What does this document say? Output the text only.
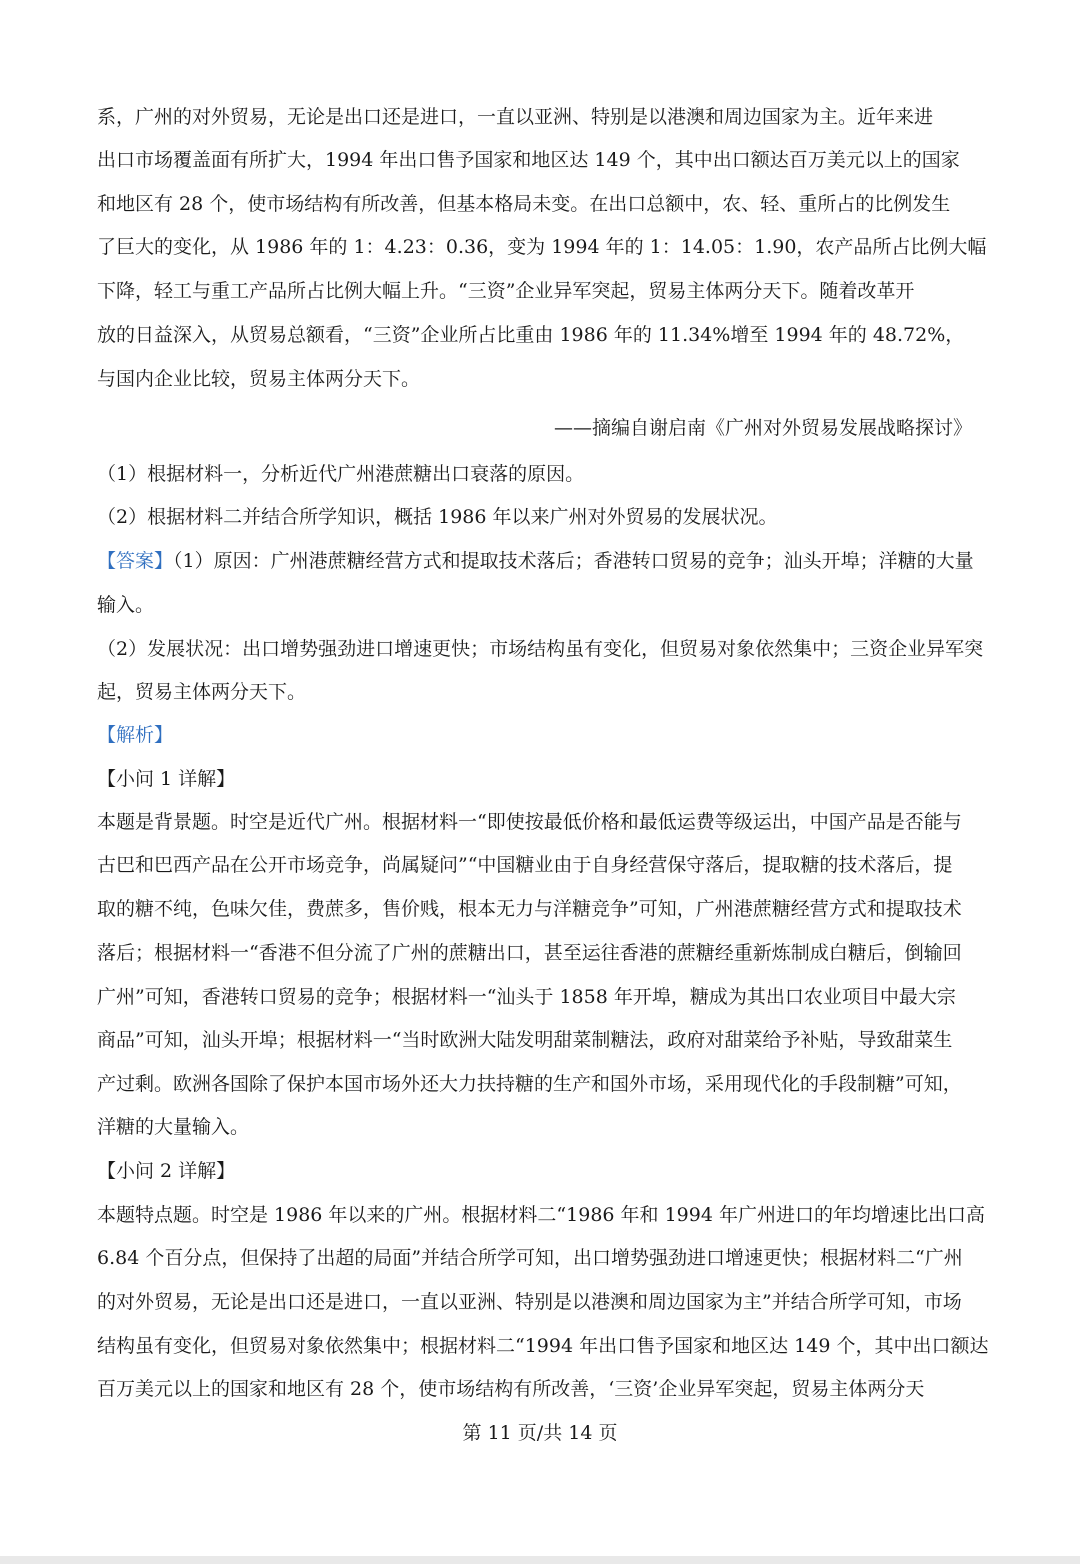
系，广州的对外贸易，无论是出口还是进口，一直以亚洲、特别是以港澳和周边国家为主。近年来进
出口市场覆盖面有所扩大，1994 年出口售予国家和地区达 149 个，其中出口额达百万美元以上的国家
和地区有 28 个，使市场结构有所改善，但基本格局未变。在出口总额中，农、轻、重所占的比例发生
了巨大的变化，从 1986 年的 1：4.23：0.36，变为 1994 年的 1：14.05：1.90，农产品所占比例大幅
下降，轻工与重工产品所占比例大幅上升。“三资”企业异军突起，贸易主体两分天下。随着改革开
放的日益深入，从贸易总额看，“三资”企业所占比重由 1986 年的 11.34%增至 1994 年的 48.72%，
与国内企业比较，贸易主体两分天下。
——摘编自谢启南《广州对外贸易发展战略探讨》
（1）根据材料一，分析近代广州港蔗糖出口衰落的原因。
（2）根据材料二并结合所学知识，概括 1986 年以来广州对外贸易的发展状况。
【答案】（1）原因：广州港蔗糖经营方式和提取技术落后；香港转口贸易的竞争；汕头开埠；洋糖的大量
输入。
（2）发展状况：出口增势强劲进口增速更快；市场结构虽有变化，但贸易对象依然集中；三资企业异军突
起，贸易主体两分天下。
【解析】
【小问 1 详解】
本题是背景题。时空是近代广州。根据材料一“即使按最低价格和最低运费等级运出，中国产品是否能与
古巴和巴西产品在公开市场竞争，尚属疑问”“中国糖业由于自身经营保守落后，提取糖的技术落后，提
取的糖不纯，色味欠佳，费蔗多，售价贱，根本无力与洋糖竞争”可知，广州港蔗糖经营方式和提取技术
落后；根据材料一“香港不但分流了广州的蔗糖出口，甚至运往香港的蔗糖经重新炼制成白糖后，倒输回
广州”可知，香港转口贸易的竞争；根据材料一“汕头于 1858 年开埠，糖成为其出口农业项目中最大宗
商品”可知，汕头开埠；根据材料一“当时欧洲大陆发明甜菜制糖法，政府对甜菜给予补贴，导致甜菜生
产过剩。欧洲各国除了保护本国市场外还大力扶持糖的生产和国外市场，采用现代化的手段制糖”可知，
洋糖的大量输入。
【小问 2 详解】
本题特点题。时空是 1986 年以来的广州。根据材料二“1986 年和 1994 年广州进口的年均增速比出口高
6.84 个百分点，但保持了出超的局面”并结合所学可知，出口增势强劲进口增速更快；根据材料二“广州
的对外贸易，无论是出口还是进口，一直以亚洲、特别是以港澳和周边国家为主”并结合所学可知，市场
结构虽有变化，但贸易对象依然集中；根据材料二“1994 年出口售予国家和地区达 149 个，其中出口额达
百万美元以上的国家和地区有 28 个，使市场结构有所改善，‘三资’企业异军突起，贸易主体两分天
第 11 页/共 14 页
